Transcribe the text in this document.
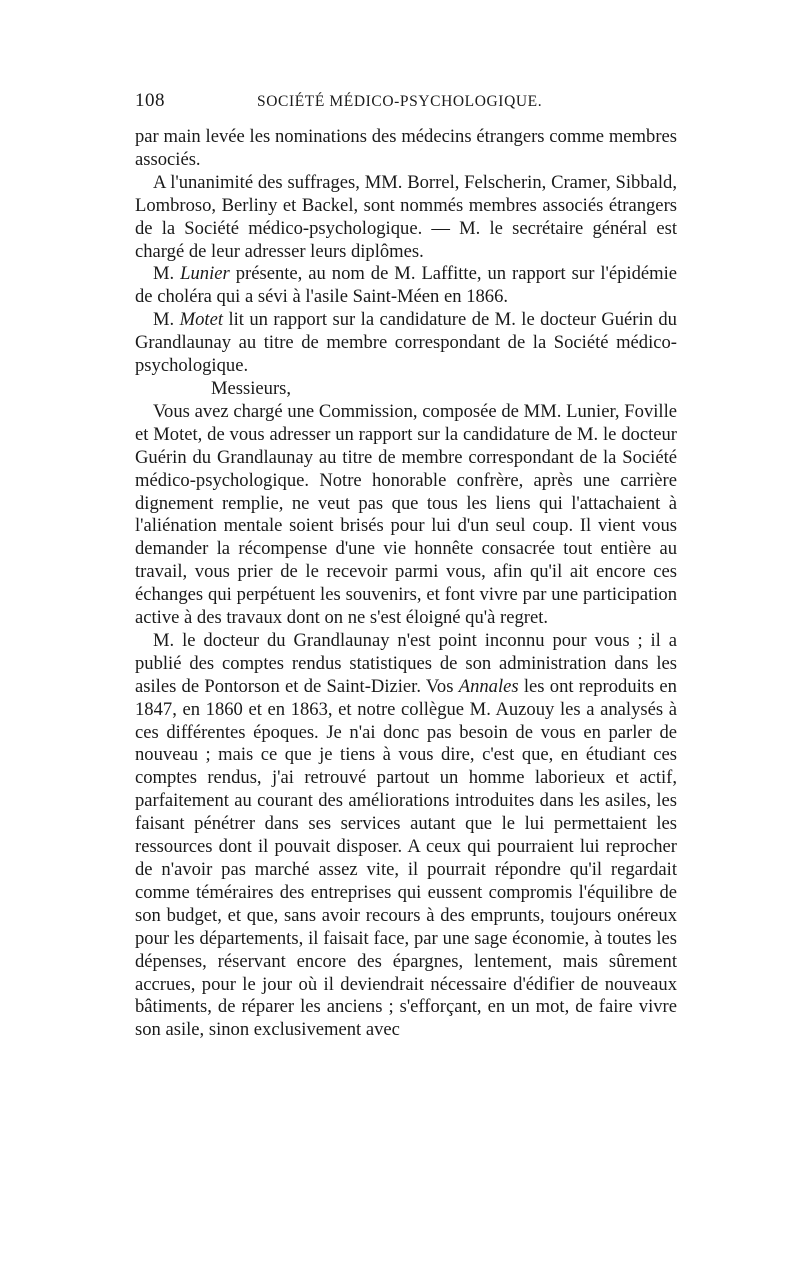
108	SOCIÉTÉ MÉDICO-PSYCHOLOGIQUE.

par main levée les nominations des médecins étrangers comme membres associés.

A l'unanimité des suffrages, MM. Borrel, Felscherin, Cramer, Sibbald, Lombroso, Berliny et Backel, sont nommés membres associés étrangers de la Société médico-psychologique. — M. le secrétaire général est chargé de leur adresser leurs diplômes.

M. Lunier présente, au nom de M. Laffitte, un rapport sur l'épidémie de choléra qui a sévi à l'asile Saint-Méen en 1866.

M. Motet lit un rapport sur la candidature de M. le docteur Guérin du Grandlaunay au titre de membre correspondant de la Société médico-psychologique.

Messieurs,

Vous avez chargé une Commission, composée de MM. Lunier, Foville et Motet, de vous adresser un rapport sur la candidature de M. le docteur Guérin du Grandlaunay au titre de membre correspondant de la Société médico-psychologique. Notre honorable confrère, après une carrière dignement remplie, ne veut pas que tous les liens qui l'attachaient à l'aliénation mentale soient brisés pour lui d'un seul coup. Il vient vous demander la récompense d'une vie honnête consacrée tout entière au travail, vous prier de le recevoir parmi vous, afin qu'il ait encore ces échanges qui perpétuent les souvenirs, et font vivre par une participation active à des travaux dont on ne s'est éloigné qu'à regret.

M. le docteur du Grandlaunay n'est point inconnu pour vous ; il a publié des comptes rendus statistiques de son administration dans les asiles de Pontorson et de Saint-Dizier. Vos Annales les ont reproduits en 1847, en 1860 et en 1863, et notre collègue M. Auzouy les a analysés à ces différentes époques. Je n'ai donc pas besoin de vous en parler de nouveau ; mais ce que je tiens à vous dire, c'est que, en étudiant ces comptes rendus, j'ai retrouvé partout un homme laborieux et actif, parfaitement au courant des améliorations introduites dans les asiles, les faisant pénétrer dans ses services autant que le lui permettaient les ressources dont il pouvait disposer. A ceux qui pourraient lui reprocher de n'avoir pas marché assez vite, il pourrait répondre qu'il regardait comme téméraires des entreprises qui eussent compromis l'équilibre de son budget, et que, sans avoir recours à des emprunts, toujours onéreux pour les départements, il faisait face, par une sage économie, à toutes les dépenses, réservant encore des épargnes, lentement, mais sûrement accrues, pour le jour où il deviendrait nécessaire d'édifier de nouveaux bâtiments, de réparer les anciens ; s'efforçant, en un mot, de faire vivre son asile, sinon exclusivement avec
